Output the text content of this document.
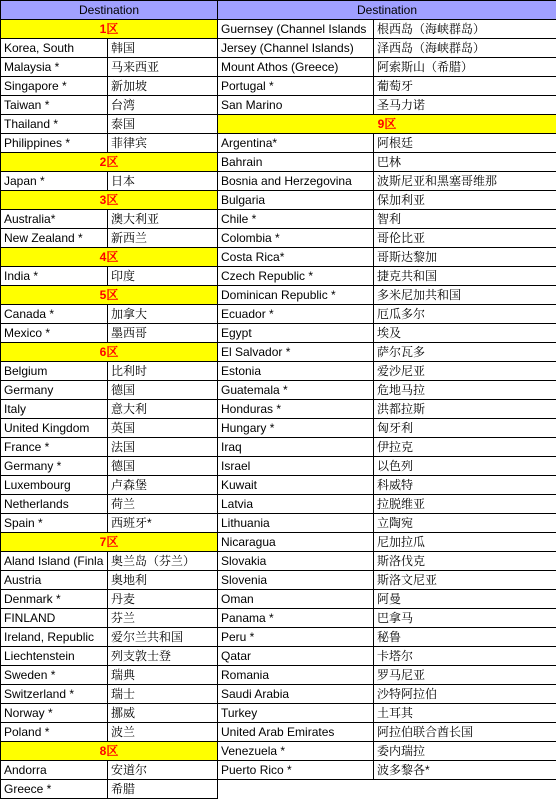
Destination	
1区	
Korea, South	韩国
Malaysia *	马来西亚
Singapore *	新加坡
Taiwan *	台湾
Thailand *	泰国
Philippines *	菲律宾
2区	
Japan *	日本
3区	
Australia*	澳大利亚
New Zealand *	新西兰
4区	
India *	印度
5区	
Canada *	加拿大
Mexico *	墨西哥
6区	
Belgium	比利时
Germany	德国
Italy	意大利
United Kingdom	英国
France *	法国
Germany *	德国
Luxembourg	卢森堡
Netherlands	荷兰
Spain *	西班牙*
7区	
Aland Island (Finla	奥兰岛（芬兰）
Austria	奥地利
Denmark *	丹麦
FINLAND	芬兰
Ireland, Republic	爱尔兰共和国
Liechtenstein	列支敦士登
Sweden *	瑞典
Switzerland *	瑞士
Norway *	挪威
Poland *	波兰
8区	
Andorra	安道尔
Greece *	希腊
Destination	
Guernsey (Channel Islands	根西岛（海峡群岛）
Jersey (Channel Islands)	泽西岛（海峡群岛）
Mount Athos (Greece)	阿索斯山（希腊）
Portugal *	葡萄牙
San Marino	圣马力诺
9区	
Argentina*	阿根廷
Bahrain	巴林
Bosnia and Herzegovina	波斯尼亚和黑塞哥维那
Bulgaria	保加利亚
Chile *	智利
Colombia *	哥伦比亚
Costa Rica*	哥斯达黎加
Czech Republic *	捷克共和国
Dominican Republic *	多米尼加共和国
Ecuador *	厄瓜多尔
Egypt	埃及
El Salvador *	萨尔瓦多
Estonia	爱沙尼亚
Guatemala *	危地马拉
Honduras *	洪都拉斯
Hungary *	匈牙利
Iraq	伊拉克
Israel	以色列
Kuwait	科威特
Latvia	拉脱维亚
Lithuania	立陶宛
Nicaragua	尼加拉瓜
Slovakia	斯洛伐克
Slovenia	斯洛文尼亚
Oman	阿曼
Panama *	巴拿马
Peru *	秘鲁
Qatar	卡塔尔
Romania	罗马尼亚
Saudi Arabia	沙特阿拉伯
Turkey	土耳其
United Arab Emirates	阿拉伯联合酋长国
Venezuela *	委内瑞拉
Puerto Rico *	波多黎各*
